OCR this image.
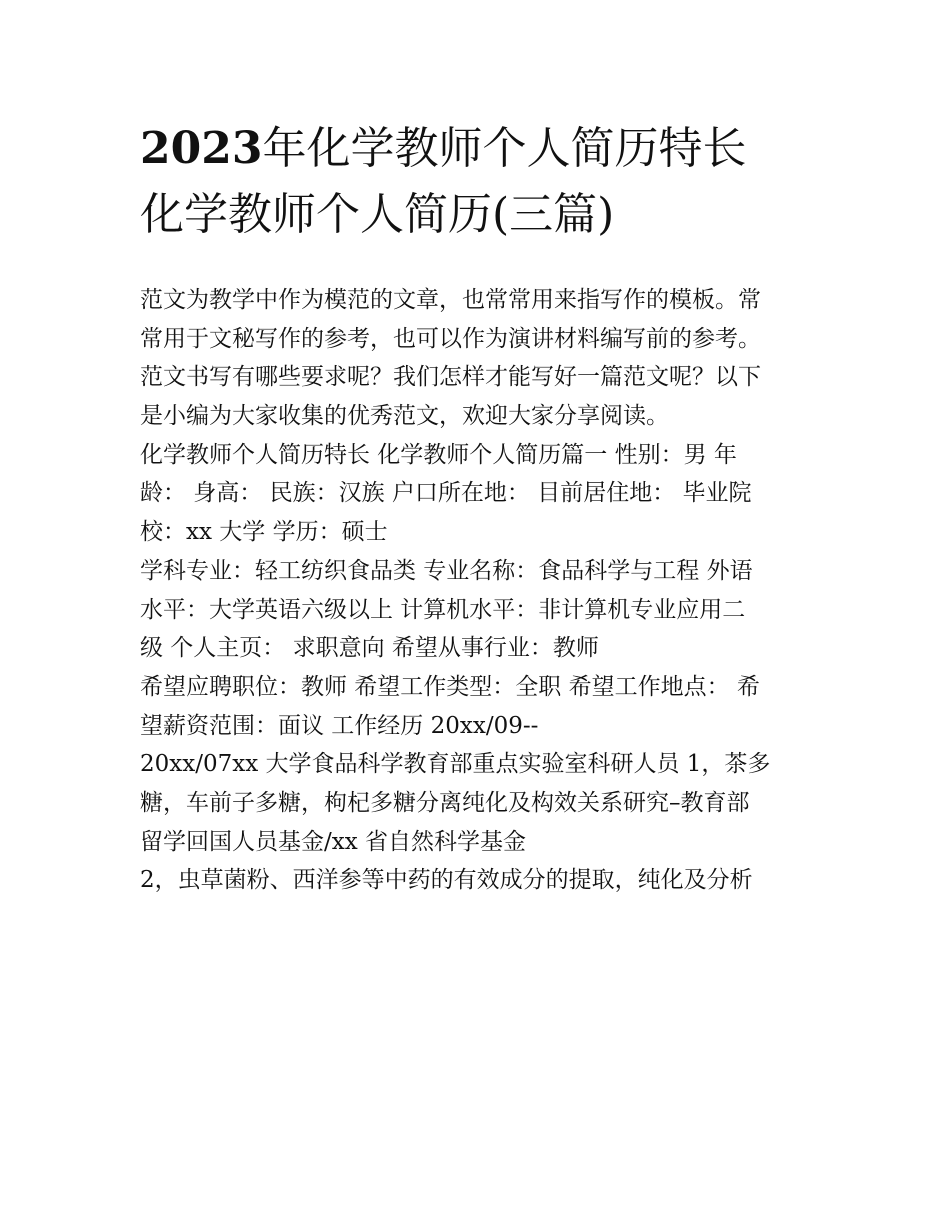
2023年化学教师个人简历特长
化学教师个人简历(三篇)
范文为教学中作为模范的文章，也常常用来指写作的模板。常
常用于文秘写作的参考，也可以作为演讲材料编写前的参考。
范文书写有哪些要求呢？我们怎样才能写好一篇范文呢？以下
是小编为大家收集的优秀范文，欢迎大家分享阅读。
化学教师个人简历特长 化学教师个人简历篇一 性别：男 年
龄： 身高： 民族：汉族 户口所在地： 目前居住地： 毕业院
校：xx 大学 学历：硕士
学科专业：轻工纺织食品类 专业名称：食品科学与工程 外语
水平：大学英语六级以上 计算机水平：非计算机专业应用二
级 个人主页： 求职意向 希望从事行业：教师
希望应聘职位：教师 希望工作类型：全职 希望工作地点： 希
望薪资范围：面议 工作经历 20xx/09--
20xx/07xx 大学食品科学教育部重点实验室科研人员 1，茶多
糖，车前子多糖，枸杞多糖分离纯化及构效关系研究–教育部
留学回国人员基金/xx 省自然科学基金
2，虫草菌粉、西洋参等中药的有效成分的提取，纯化及分析
